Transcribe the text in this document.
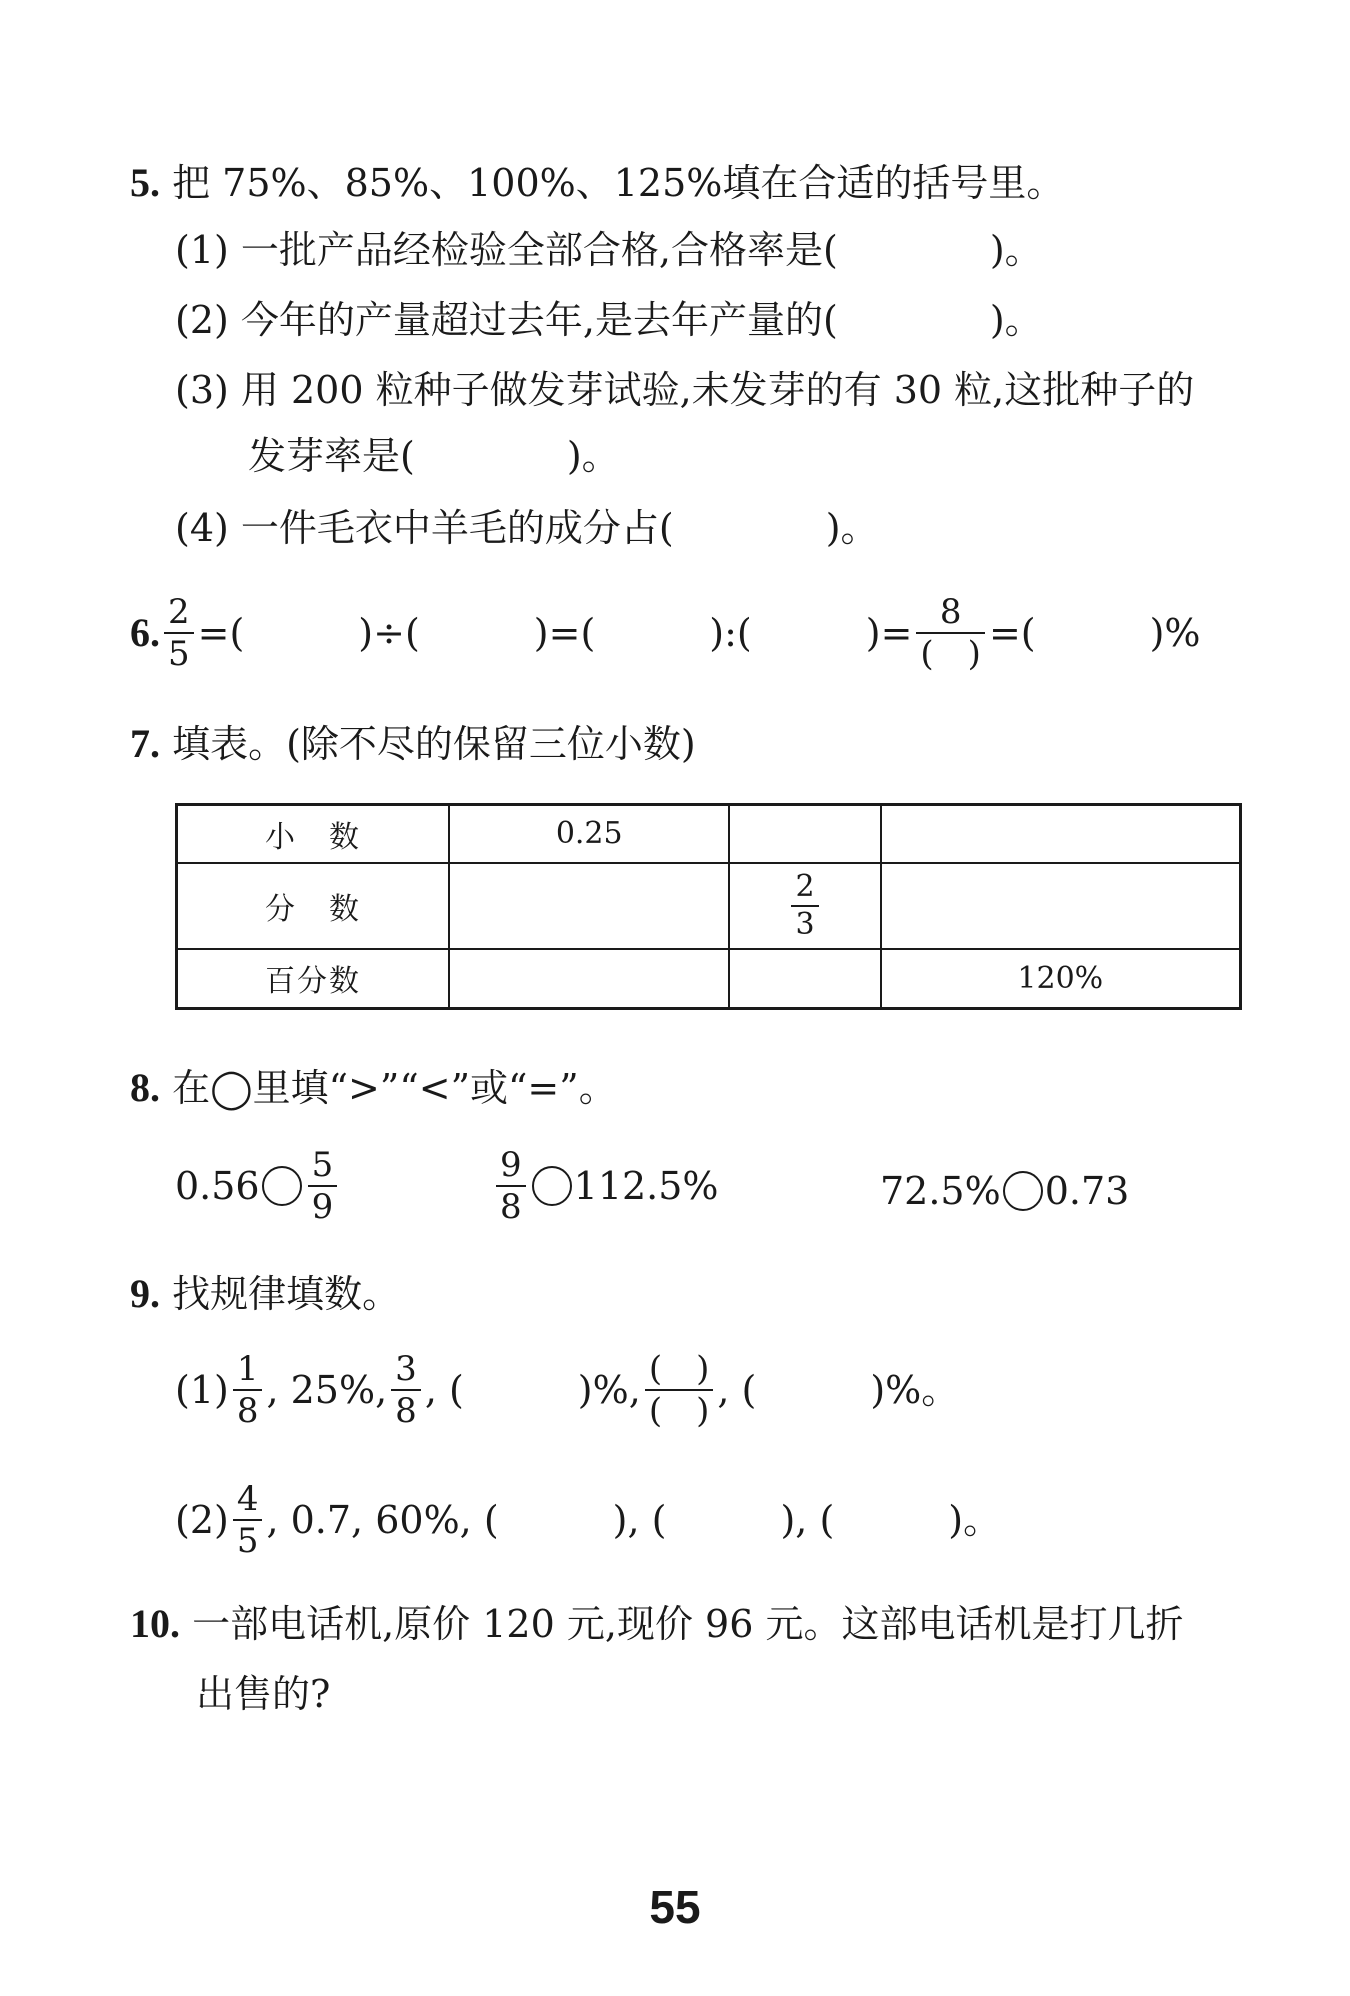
5. 把 75%、85%、100%、125%填在合适的括号里。
(1) 一批产品经检验全部合格,合格率是(　　　　)。
(2) 今年的产量超过去年,是去年产量的(　　　　)。
(3) 用 200 粒种子做发芽试验,未发芽的有 30 粒,这批种子的
发芽率是(　　　　)。
(4) 一件毛衣中羊毛的成分占(　　　　)。
6. $\frac{2}{5}$ =(　　　)÷(　　　)=(　　　):(　　　)= $\frac{8}{( )}$ =(　　　)%
7. 填表。(除不尽的保留三位小数)
小　数	0.25		
分　数		$\frac{2}{3}$

百分数			120%
8. 在◯里填“>”“<”或“=”。
$0.56 \frac{5}{9}$	$\frac{9}{8} 112.5\%$	72.5% 0.73
9. 找规律填数。
$(1) \frac{1}{8}$ , 25%, $\frac{3}{8}$ , (　　　)%, $\frac{( )}{( )}$ , (　　　)%。
$(2) \frac{4}{5}$ , 0.7, 60%, (　　　), (　　　), (　　　)。
10. 一部电话机,原价 120 元,现价 96 元。这部电话机是打几折
出售的?
55
